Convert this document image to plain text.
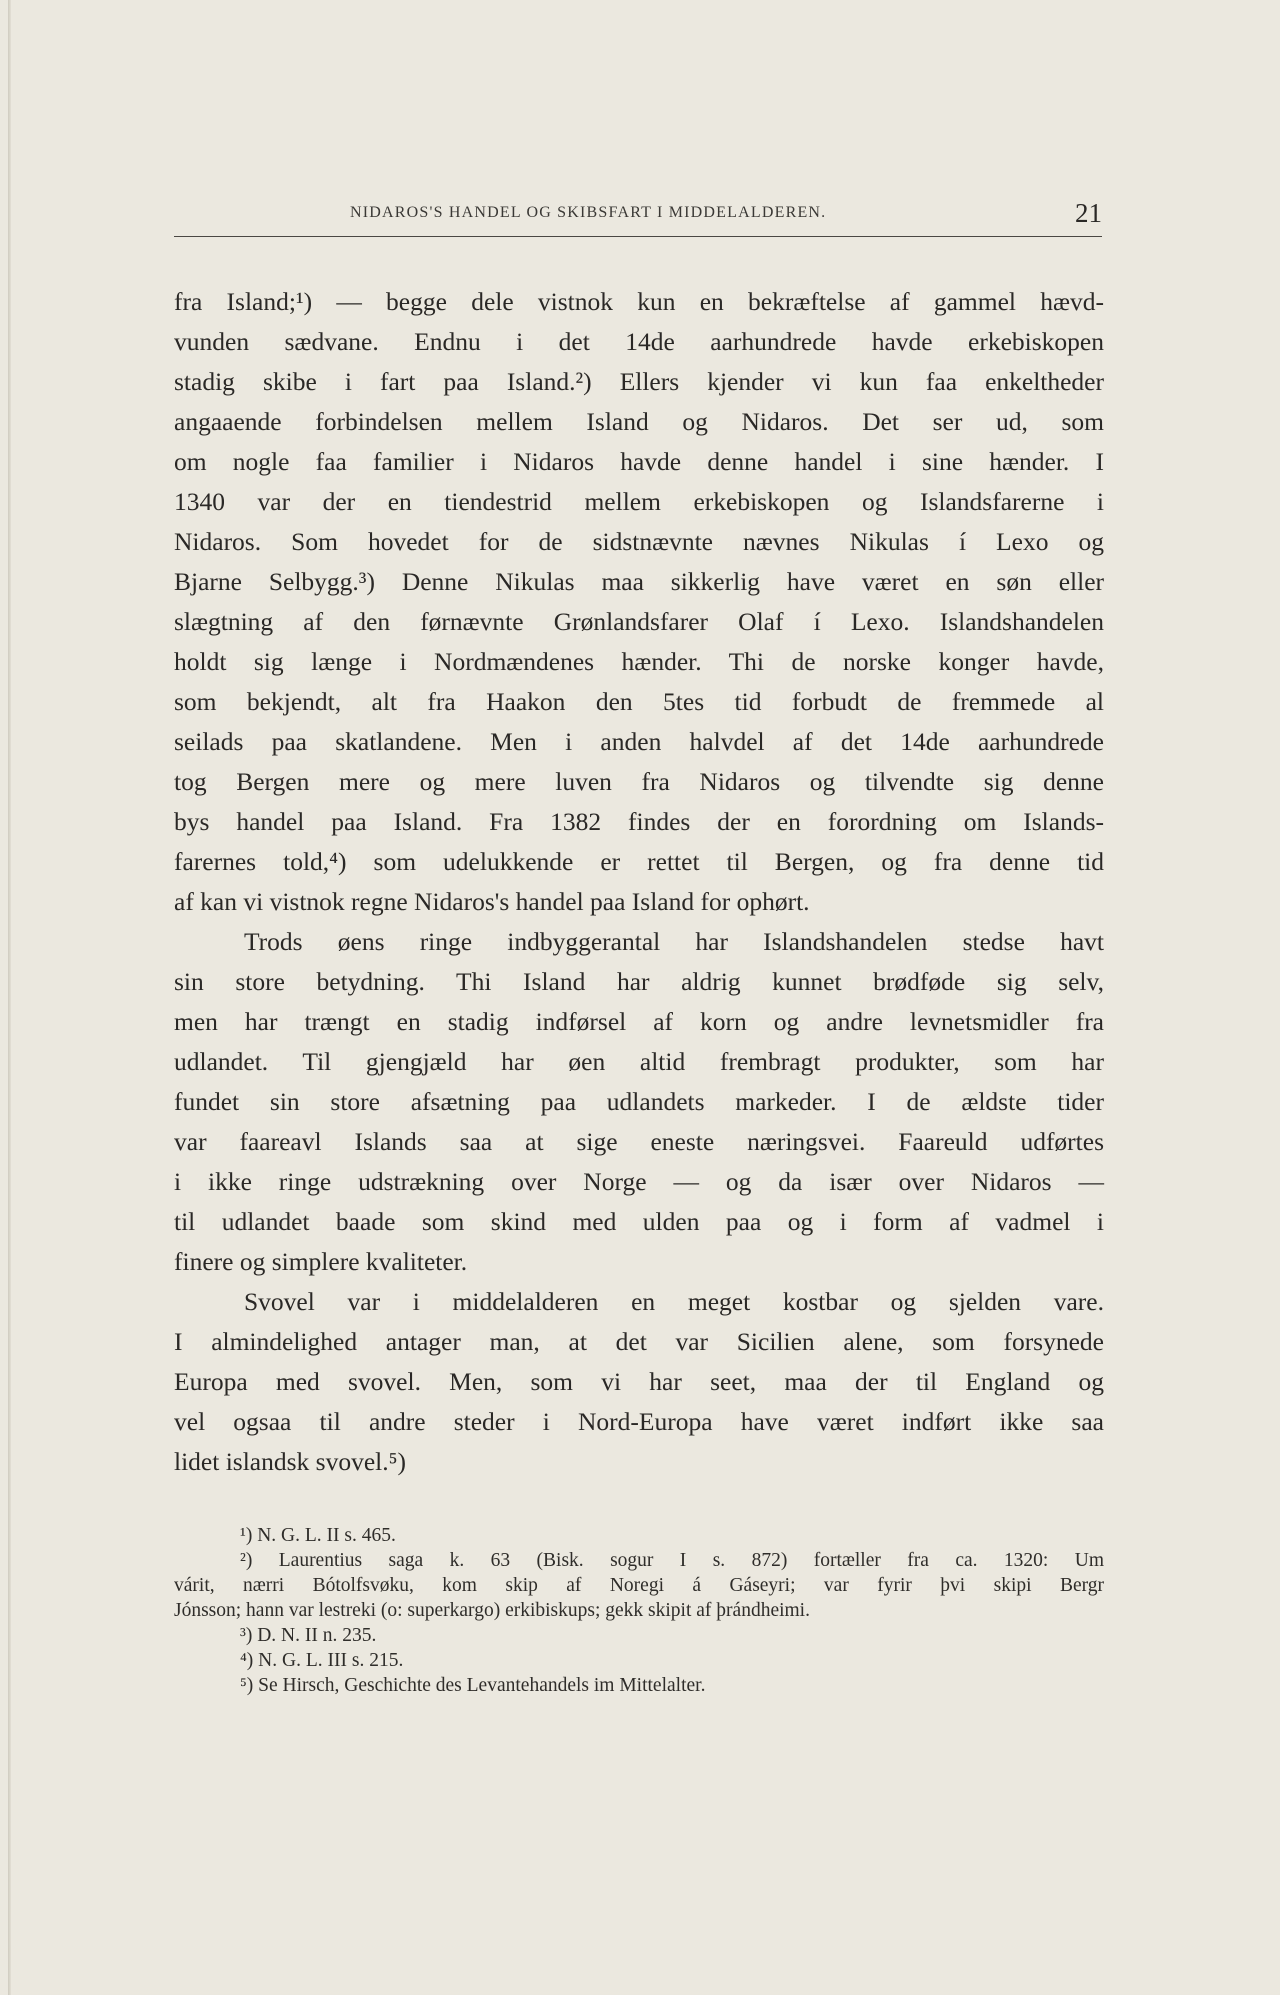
NIDAROS'S HANDEL OG SKIBSFART I MIDDELALDEREN.	21
fra Island;¹) — begge dele vistnok kun en bekræftelse af gammel hævd-
vunden sædvane. Endnu i det 14de aarhundrede havde erkebiskopen
stadig skibe i fart paa Island.²) Ellers kjender vi kun faa enkeltheder
angaaende forbindelsen mellem Island og Nidaros. Det ser ud, som
om nogle faa familier i Nidaros havde denne handel i sine hænder. I
1340 var der en tiendestrid mellem erkebiskopen og Islandsfarerne i
Nidaros. Som hovedet for de sidstnævnte nævnes Nikulas í Lexo og
Bjarne Selbygg.³) Denne Nikulas maa sikkerlig have været en søn eller
slægtning af den førnævnte Grønlandsfarer Olaf í Lexo. Islandshandelen
holdt sig længe i Nordmændenes hænder. Thi de norske konger havde,
som bekjendt, alt fra Haakon den 5tes tid forbudt de fremmede al
seilads paa skatlandene. Men i anden halvdel af det 14de aarhundrede
tog Bergen mere og mere luven fra Nidaros og tilvendte sig denne
bys handel paa Island. Fra 1382 findes der en forordning om Islands-
farernes told,⁴) som udelukkende er rettet til Bergen, og fra denne tid
af kan vi vistnok regne Nidaros's handel paa Island for ophørt.
Trods øens ringe indbyggerantal har Islandshandelen stedse havt
sin store betydning. Thi Island har aldrig kunnet brødføde sig selv,
men har trængt en stadig indførsel af korn og andre levnetsmidler fra
udlandet. Til gjengjæld har øen altid frembragt produkter, som har
fundet sin store afsætning paa udlandets markeder. I de ældste tider
var faareavl Islands saa at sige eneste næringsvei. Faareuld udførtes
i ikke ringe udstrækning over Norge — og da især over Nidaros —
til udlandet baade som skind med ulden paa og i form af vadmel i
finere og simplere kvaliteter.
Svovel var i middelalderen en meget kostbar og sjelden vare.
I almindelighed antager man, at det var Sicilien alene, som forsynede
Europa med svovel. Men, som vi har seet, maa der til England og
vel ogsaa til andre steder i Nord-Europa have været indført ikke saa
lidet islandsk svovel.⁵)
¹) N. G. L. II s. 465.
²) Laurentius saga k. 63 (Bisk. sogur I s. 872) fortæller fra ca. 1320: Um
várit, nærri Bótolfsvøku, kom skip af Noregi á Gáseyri; var fyrir þvi skipi Bergr
Jónsson; hann var lestreki (o: superkargo) erkibiskups; gekk skipit af þrándheimi.
³) D. N. II n. 235.
⁴) N. G. L. III s. 215.
⁵) Se Hirsch, Geschichte des Levantehandels im Mittelalter.
